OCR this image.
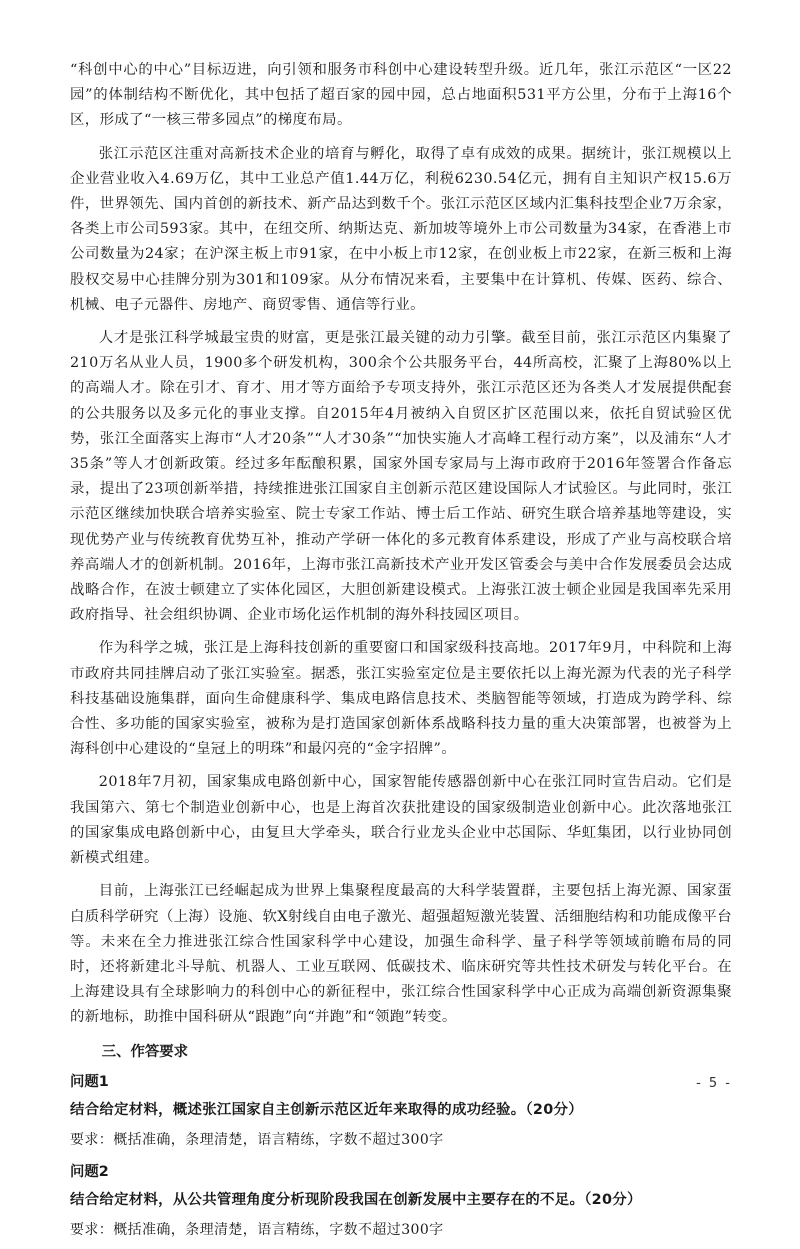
“科创中心的中心”目标迈进，向引领和服务市科创中心建设转型升级。近几年，张江示范区“一区22园”的体制结构不断优化，其中包括了超百家的园中园，总占地面积531平方公里，分布于上海16个区，形成了“一核三带多园点”的梯度布局。

张江示范区注重对高新技术企业的培育与孵化，取得了卓有成效的成果。据统计，张江规模以上企业营业收入4.69万亿，其中工业总产值1.44万亿，利税6230.54亿元，拥有自主知识产权15.6万件，世界领先、国内首创的新技术、新产品达到数千个。张江示范区区域内汇集科技型企业7万余家，各类上市公司593家。其中，在纽交所、纳斯达克、新加坡等境外上市公司数量为34家，在香港上市公司数量为24家；在沪深主板上市91家，在中小板上市12家，在创业板上市22家，在新三板和上海股权交易中心挂牌分别为301和109家。从分布情况来看，主要集中在计算机、传媒、医药、综合、机械、电子元器件、房地产、商贸零售、通信等行业。

人才是张江科学城最宝贵的财富，更是张江最关键的动力引擎。截至目前，张江示范区内集聚了210万名从业人员，1900多个研发机构，300余个公共服务平台，44所高校，汇聚了上海80%以上的高端人才。除在引才、育才、用才等方面给予专项支持外，张江示范区还为各类人才发展提供配套的公共服务以及多元化的事业支撑。自2015年4月被纳入自贸区扩区范围以来，依托自贸试验区优势，张江全面落实上海市“人才20条”“人才30条”“加快实施人才高峰工程行动方案”，以及浦东“人才35条”等人才创新政策。经过多年酝酿积累，国家外国专家局与上海市政府于2016年签署合作备忘录，提出了23项创新举措，持续推进张江国家自主创新示范区建设国际人才试验区。与此同时，张江示范区继续加快联合培养实验室、院士专家工作站、博士后工作站、研究生联合培养基地等建设，实现优势产业与传统教育优势互补，推动产学研一体化的多元教育体系建设，形成了产业与高校联合培养高端人才的创新机制。2016年，上海市张江高新技术产业开发区管委会与美中合作发展委员会达成战略合作，在波士顿建立了实体化园区，大胆创新建设模式。上海张江波士顿企业园是我国率先采用政府指导、社会组织协调、企业市场化运作机制的海外科技园区项目。

作为科学之城，张江是上海科技创新的重要窗口和国家级科技高地。2017年9月，中科院和上海市政府共同挂牌启动了张江实验室。据悉，张江实验室定位是主要依托以上海光源为代表的光子科学科技基础设施集群，面向生命健康科学、集成电路信息技术、类脑智能等领域，打造成为跨学科、综合性、多功能的国家实验室，被称为是打造国家创新体系战略科技力量的重大决策部署，也被誉为上海科创中心建设的“皇冠上的明珠”和最闪亮的“金字招牌”。

2018年7月初，国家集成电路创新中心，国家智能传感器创新中心在张江同时宣告启动。它们是我国第六、第七个制造业创新中心，也是上海首次获批建设的国家级制造业创新中心。此次落地张江的国家集成电路创新中心，由复旦大学牵头，联合行业龙头企业中芯国际、华虹集团，以行业协同创新模式组建。

目前，上海张江已经崛起成为世界上集聚程度最高的大科学装置群，主要包括上海光源、国家蛋白质科学研究（上海）设施、软X射线自由电子激光、超强超短激光装置、活细胞结构和功能成像平台等。未来在全力推进张江综合性国家科学中心建设，加强生命科学、量子科学等领域前瞻布局的同时，还将新建北斗导航、机器人、工业互联网、低碳技术、临床研究等共性技术研发与转化平台。在上海建设具有全球影响力的科创中心的新征程中，张江综合性国家科学中心正成为高端创新资源集聚的新地标，助推中国科研从“跟跑”向“并跑”和“领跑”转变。

三、作答要求
问题1
结合给定材料，概述张江国家自主创新示范区近年来取得的成功经验。（20分）
要求：概括准确，条理清楚，语言精练，字数不超过300字
问题2
结合给定材料，从公共管理角度分析现阶段我国在创新发展中主要存在的不足。（20分）
要求：概括准确，条理清楚，语言精练，字数不超过300字
- 5 -
